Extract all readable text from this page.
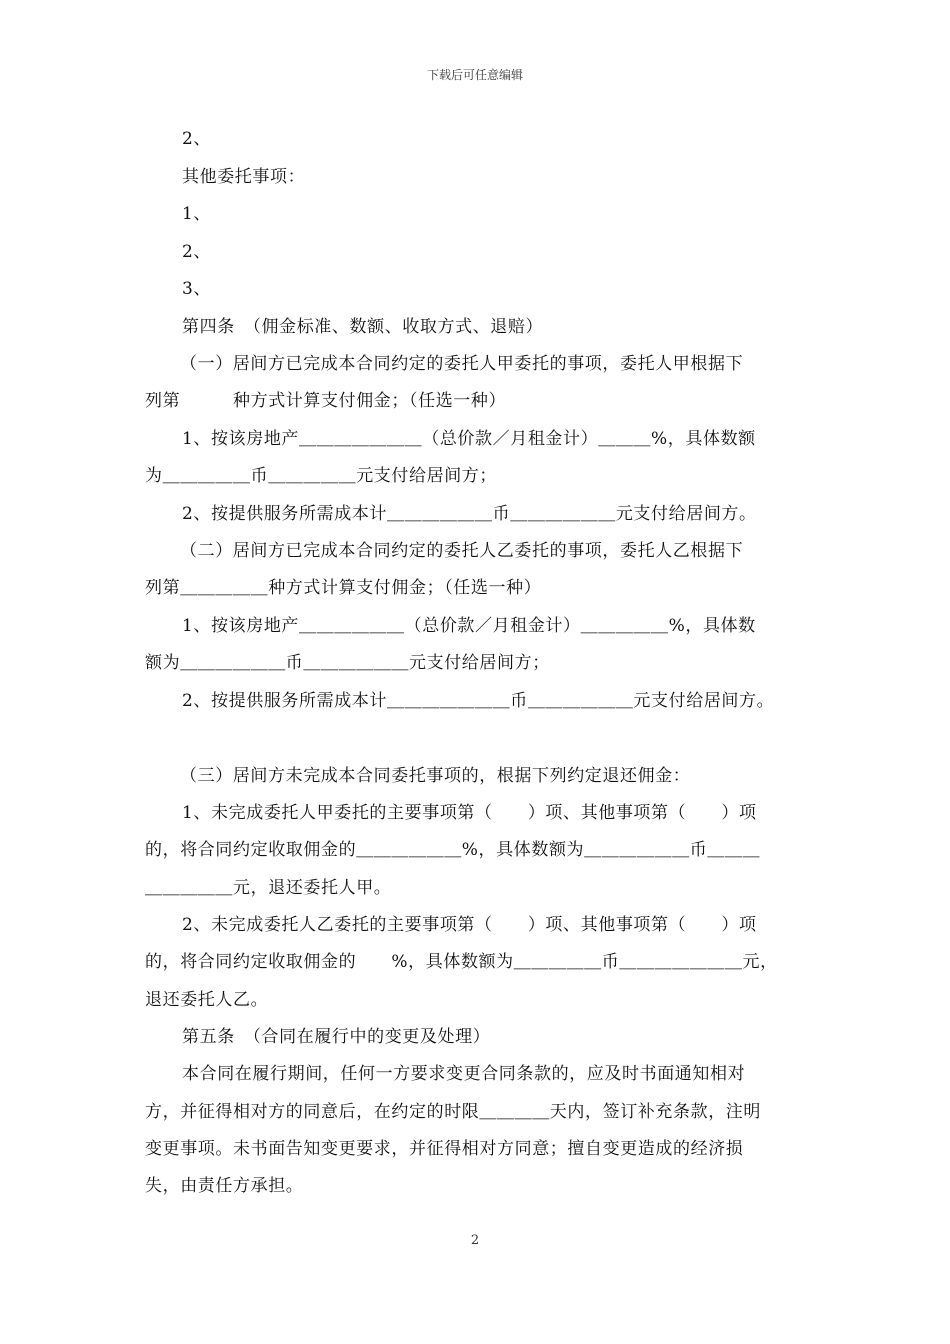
下载后可任意编辑
2、
其他委托事项：
1、
2、
3、
第四条　（佣金标准、数额、收取方式、退赔）
（一）居间方已完成本合同约定的委托人甲委托的事项，委托人甲根据下
列第　　　种方式计算支付佣金；（任选一种）
1、按该房地产＿＿＿＿＿＿＿（总价款／月租金计）＿＿＿%，具体数额
为＿＿＿＿＿币＿＿＿＿＿元支付给居间方；
2、按提供服务所需成本计＿＿＿＿＿＿币＿＿＿＿＿＿元支付给居间方。
（二）居间方已完成本合同约定的委托人乙委托的事项，委托人乙根据下
列第＿＿＿＿＿种方式计算支付佣金；（任选一种）
1、按该房地产＿＿＿＿＿＿（总价款／月租金计）＿＿＿＿＿%，具体数
额为＿＿＿＿＿＿币＿＿＿＿＿＿元支付给居间方；
2、按提供服务所需成本计＿＿＿＿＿＿＿币＿＿＿＿＿＿元支付给居间方。
（三）居间方未完成本合同委托事项的，根据下列约定退还佣金：
1、未完成委托人甲委托的主要事项第（　　）项、其他事项第（　　）项
的，将合同约定收取佣金的＿＿＿＿＿＿%，具体数额为＿＿＿＿＿＿币＿＿＿
＿＿＿＿＿元，退还委托人甲。
2、未完成委托人乙委托的主要事项第（　　）项、其他事项第（　　）项
的，将合同约定收取佣金的　　%，具体数额为＿＿＿＿＿币＿＿＿＿＿＿＿元，
退还委托人乙。
第五条　（合同在履行中的变更及处理）
本合同在履行期间，任何一方要求变更合同条款的，应及时书面通知相对
方，并征得相对方的同意后，在约定的时限＿＿＿＿天内，签订补充条款，注明
变更事项。未书面告知变更要求，并征得相对方同意；擅自变更造成的经济损
失，由责任方承担。
2
